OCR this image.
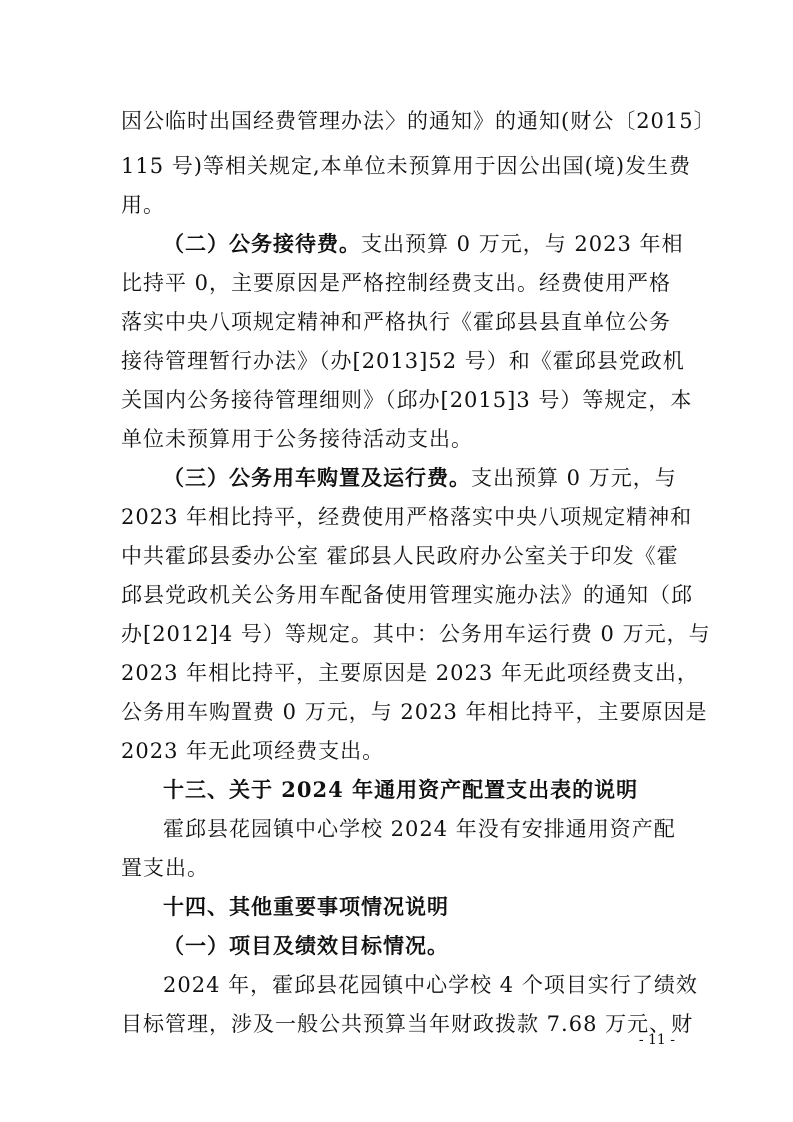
因公临时出国经费管理办法〉的通知》的通知(财公〔2015〕
115 号)等相关规定,本单位未预算用于因公出国(境)发生费
用。
（二）公务接待费。支出预算 0 万元，与 2023 年相
比持平 0，主要原因是严格控制经费支出。经费使用严格
落实中央八项规定精神和严格执行《霍邱县县直单位公务
接待管理暂行办法》（办[2013]52 号）和《霍邱县党政机
关国内公务接待管理细则》（邱办[2015]3 号）等规定，本
单位未预算用于公务接待活动支出。
（三）公务用车购置及运行费。支出预算 0 万元，与
2023 年相比持平，经费使用严格落实中央八项规定精神和
中共霍邱县委办公室 霍邱县人民政府办公室关于印发《霍
邱县党政机关公务用车配备使用管理实施办法》的通知（邱
办[2012]4 号）等规定。其中：公务用车运行费 0 万元，与
2023 年相比持平，主要原因是 2023 年无此项经费支出，
公务用车购置费 0 万元，与 2023 年相比持平，主要原因是
2023 年无此项经费支出。
十三、关于 2024 年通用资产配置支出表的说明
霍邱县花园镇中心学校 2024 年没有安排通用资产配
置支出。
十四、其他重要事项情况说明
（一）项目及绩效目标情况。
2024 年，霍邱县花园镇中心学校 4 个项目实行了绩效
目标管理，涉及一般公共预算当年财政拨款 7.68 万元、财
- 11 -
